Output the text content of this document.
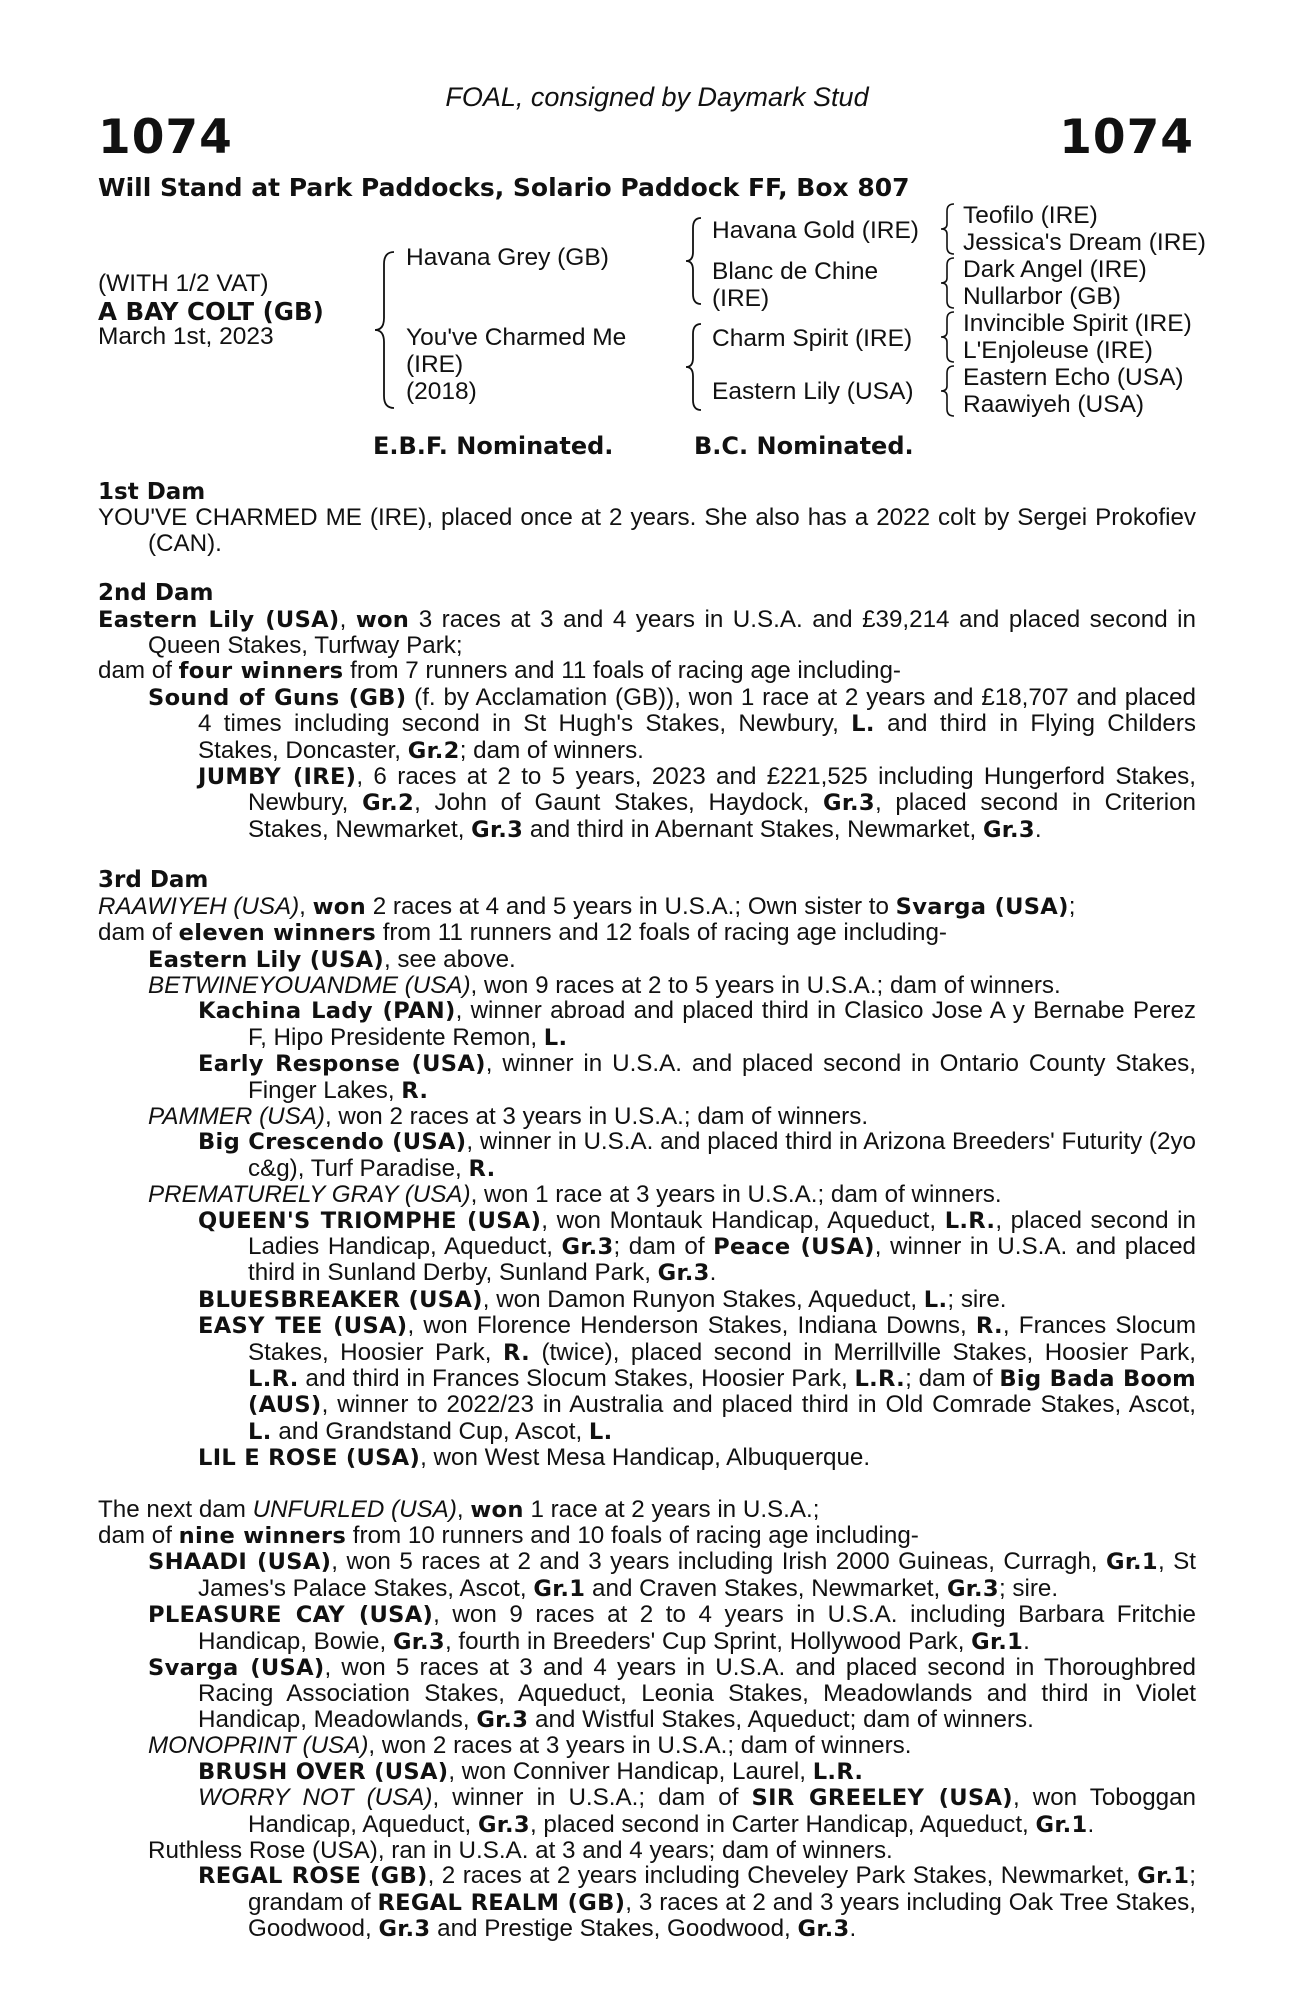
FOAL, consigned by Daymark Stud
1074	1074
Will Stand at Park Paddocks, Solario Paddock FF, Box 807
(WITH 1/2 VAT)
A BAY COLT (GB)
March 1st, 2023
Havana Grey (GB)
You've Charmed Me
(IRE)
(2018)
Havana Gold (IRE)
Blanc de Chine
(IRE)
Charm Spirit (IRE)
Eastern Lily (USA)
Teofilo (IRE)
Jessica's Dream (IRE)
Dark Angel (IRE)
Nullarbor (GB)
Invincible Spirit (IRE)
L'Enjoleuse (IRE)
Eastern Echo (USA)
Raawiyeh (USA)
E.B.F. Nominated.	B.C. Nominated.

1st Dam

YOU'VE CHARMED ME (IRE), placed once at 2 years. She also has a 2022 colt by Sergei Prokofiev (CAN).

2nd Dam

Eastern Lily (USA), won 3 races at 3 and 4 years in U.S.A. and £39,214 and placed second in Queen Stakes, Turfway Park;

dam of four winners from 7 runners and 11 foals of racing age including-

Sound of Guns (GB) (f. by Acclamation (GB)), won 1 race at 2 years and £18,707 and placed 4 times including second in St Hugh's Stakes, Newbury, L. and third in Flying Childers Stakes, Doncaster, Gr.2; dam of winners.

JUMBY (IRE), 6 races at 2 to 5 years, 2023 and £221,525 including Hungerford Stakes, Newbury, Gr.2, John of Gaunt Stakes, Haydock, Gr.3, placed second in Criterion Stakes, Newmarket, Gr.3 and third in Abernant Stakes, Newmarket, Gr.3.

3rd Dam

RAAWIYEH (USA), won 2 races at 4 and 5 years in U.S.A.; Own sister to Svarga (USA);

dam of eleven winners from 11 runners and 12 foals of racing age including-

Eastern Lily (USA), see above.

BETWINEYOUANDME (USA), won 9 races at 2 to 5 years in U.S.A.; dam of winners.

Kachina Lady (PAN), winner abroad and placed third in Clasico Jose A y Bernabe Perez F, Hipo Presidente Remon, L.

Early Response (USA), winner in U.S.A. and placed second in Ontario County Stakes, Finger Lakes, R.

PAMMER (USA), won 2 races at 3 years in U.S.A.; dam of winners.

Big Crescendo (USA), winner in U.S.A. and placed third in Arizona Breeders' Futurity (2yo c&g), Turf Paradise, R.

PREMATURELY GRAY (USA), won 1 race at 3 years in U.S.A.; dam of winners.

QUEEN'S TRIOMPHE (USA), won Montauk Handicap, Aqueduct, L.R., placed second in Ladies Handicap, Aqueduct, Gr.3; dam of Peace (USA), winner in U.S.A. and placed third in Sunland Derby, Sunland Park, Gr.3.

BLUESBREAKER (USA), won Damon Runyon Stakes, Aqueduct, L.; sire.

EASY TEE (USA), won Florence Henderson Stakes, Indiana Downs, R., Frances Slocum Stakes, Hoosier Park, R. (twice), placed second in Merrillville Stakes, Hoosier Park, L.R. and third in Frances Slocum Stakes, Hoosier Park, L.R.; dam of Big Bada Boom (AUS), winner to 2022/23 in Australia and placed third in Old Comrade Stakes, Ascot, L. and Grandstand Cup, Ascot, L.

LIL E ROSE (USA), won West Mesa Handicap, Albuquerque.

The next dam UNFURLED (USA), won 1 race at 2 years in U.S.A.;

dam of nine winners from 10 runners and 10 foals of racing age including-

SHAADI (USA), won 5 races at 2 and 3 years including Irish 2000 Guineas, Curragh, Gr.1, St James's Palace Stakes, Ascot, Gr.1 and Craven Stakes, Newmarket, Gr.3; sire.

PLEASURE CAY (USA), won 9 races at 2 to 4 years in U.S.A. including Barbara Fritchie Handicap, Bowie, Gr.3, fourth in Breeders' Cup Sprint, Hollywood Park, Gr.1.

Svarga (USA), won 5 races at 3 and 4 years in U.S.A. and placed second in Thoroughbred Racing Association Stakes, Aqueduct, Leonia Stakes, Meadowlands and third in Violet Handicap, Meadowlands, Gr.3 and Wistful Stakes, Aqueduct; dam of winners.

MONOPRINT (USA), won 2 races at 3 years in U.S.A.; dam of winners.

BRUSH OVER (USA), won Conniver Handicap, Laurel, L.R.

WORRY NOT (USA), winner in U.S.A.; dam of SIR GREELEY (USA), won Toboggan Handicap, Aqueduct, Gr.3, placed second in Carter Handicap, Aqueduct, Gr.1.

Ruthless Rose (USA), ran in U.S.A. at 3 and 4 years; dam of winners.

REGAL ROSE (GB), 2 races at 2 years including Cheveley Park Stakes, Newmarket, Gr.1; grandam of REGAL REALM (GB), 3 races at 2 and 3 years including Oak Tree Stakes, Goodwood, Gr.3 and Prestige Stakes, Goodwood, Gr.3.
